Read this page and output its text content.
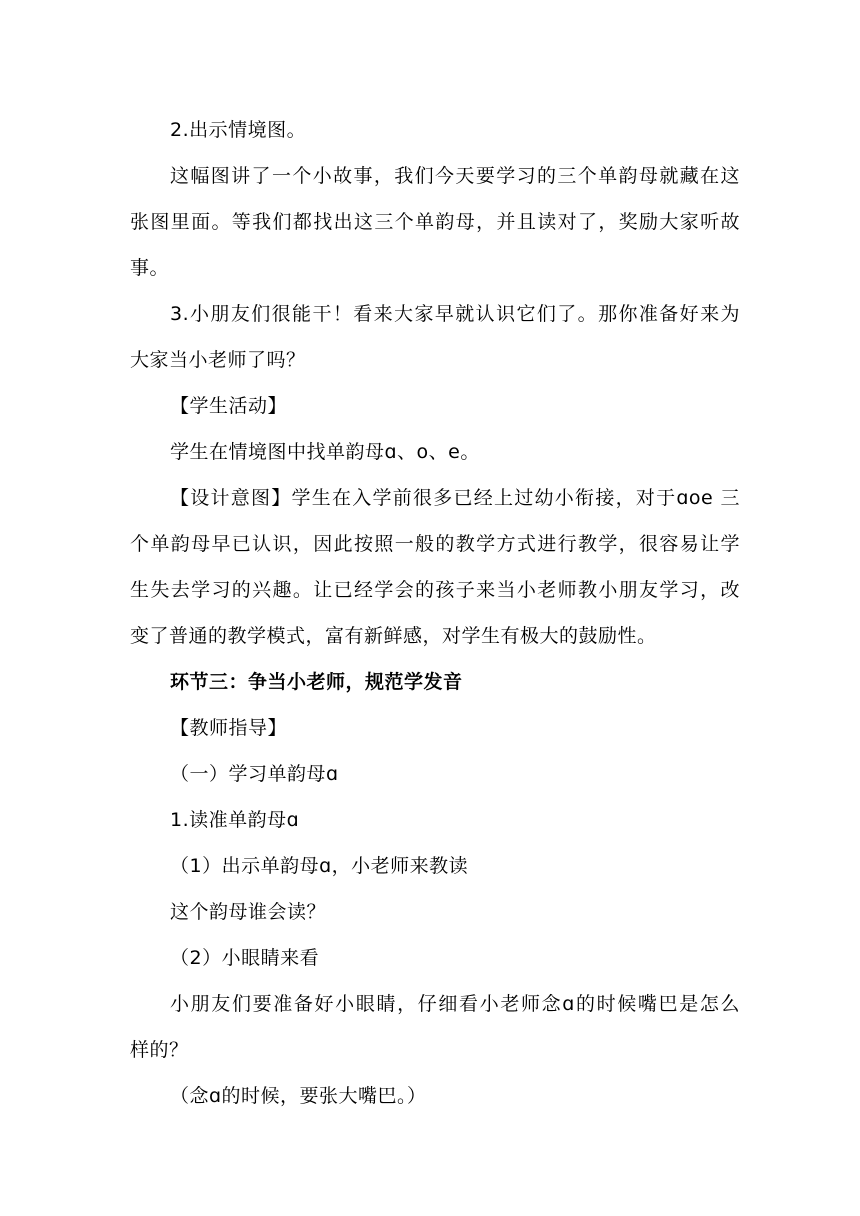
2.出示情境图。
这幅图讲了一个小故事，我们今天要学习的三个单韵母就藏在这
张图里面。等我们都找出这三个单韵母，并且读对了，奖励大家听故
事。
3.小朋友们很能干！看来大家早就认识它们了。那你准备好来为
大家当小老师了吗？
【学生活动】
学生在情境图中找单韵母ɑ、o、e。
【设计意图】学生在入学前很多已经上过幼小衔接，对于ɑoe 三
个单韵母早已认识，因此按照一般的教学方式进行教学，很容易让学
生失去学习的兴趣。让已经学会的孩子来当小老师教小朋友学习，改
变了普通的教学模式，富有新鲜感，对学生有极大的鼓励性。
环节三：争当小老师，规范学发音
【教师指导】
（一）学习单韵母ɑ
1.读准单韵母ɑ
（1）出示单韵母ɑ，小老师来教读
这个韵母谁会读？
（2）小眼睛来看
小朋友们要准备好小眼睛，仔细看小老师念ɑ的时候嘴巴是怎么
样的？
（念ɑ的时候，要张大嘴巴。）
